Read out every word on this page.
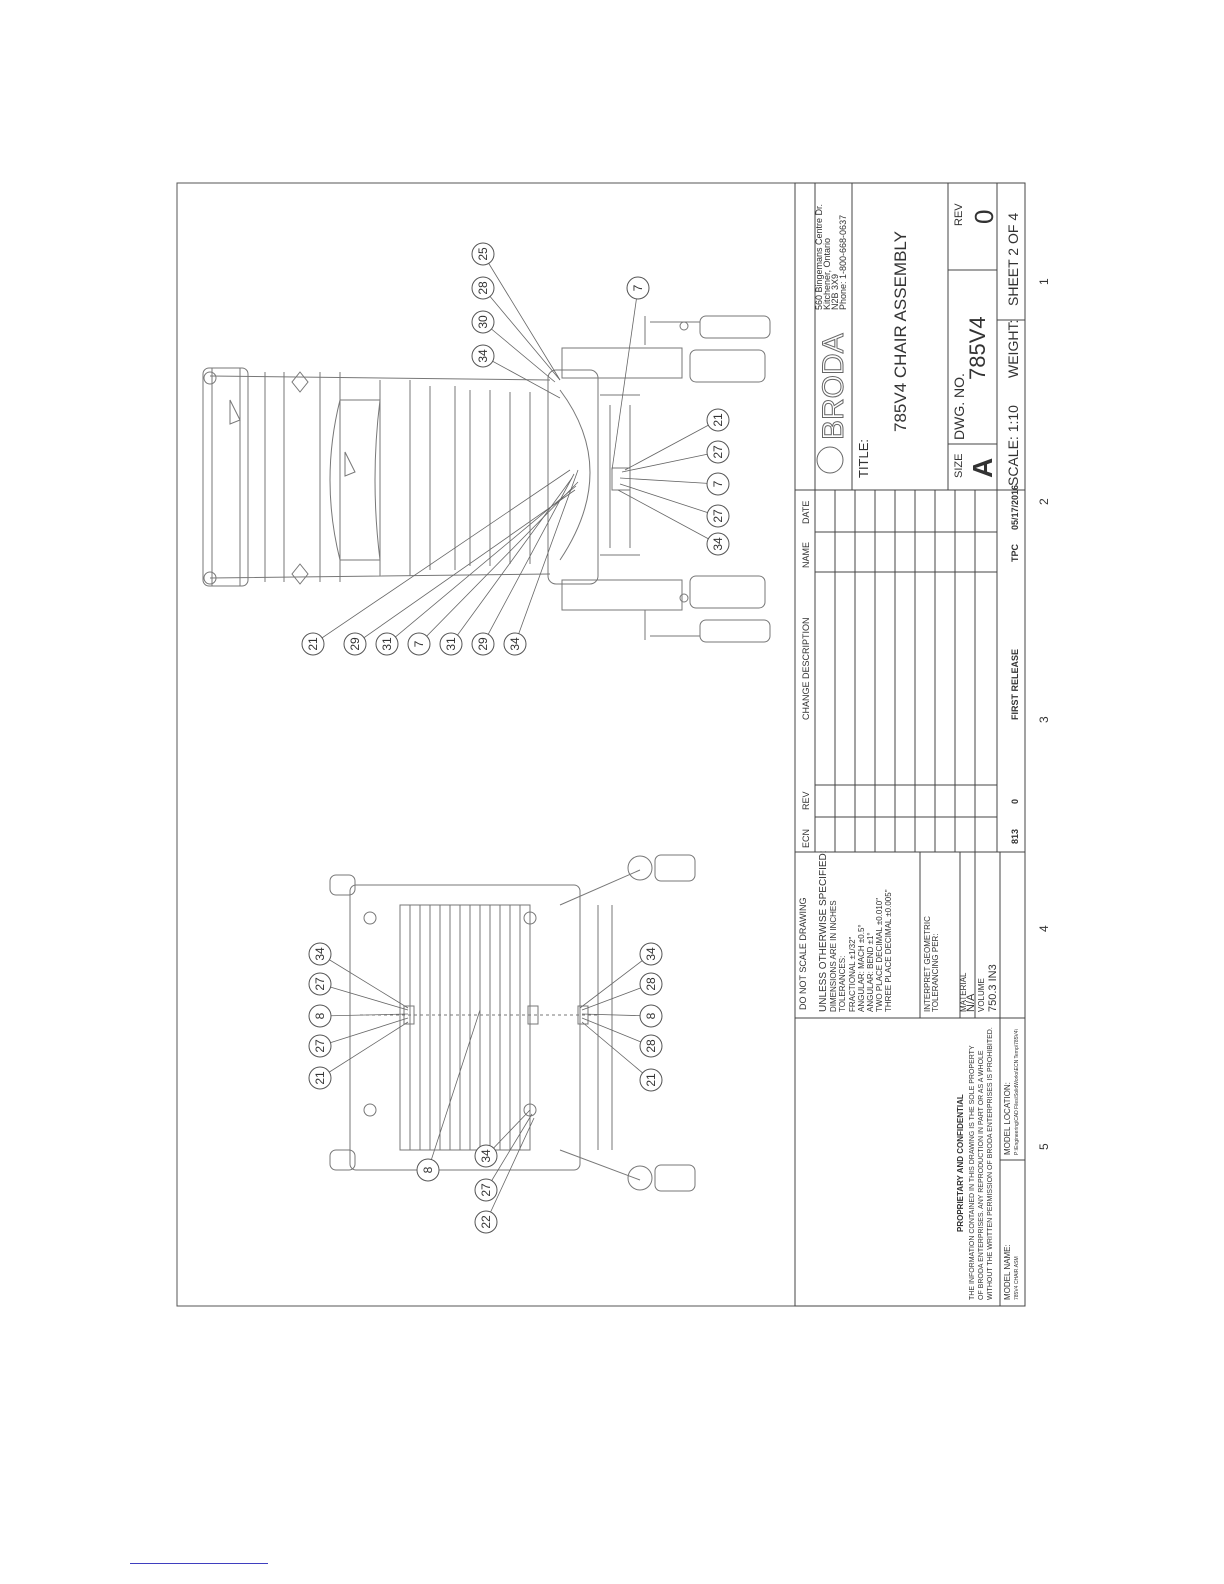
25
28
30
34
7
21
27
7
27
34
34
29
31
7
31
29
21
34
27
8
27
21
34
28
8
28
21
8
34
27
22
560 Bingemans Centre Dr.
Kitchener, Ontario
N2B 3X9
Phone: 1-800-668-0637
BRODA
TITLE:
785V4 CHAIR ASSEMBLY
SIZE A
DWG. NO.
785V4
REV 0
SCALE: 1:10
WEIGHT:
SHEET 2 OF 4
ECN
REV
CHANGE DESCRIPTION
NAME
DATE
813
0
FIRST RELEASE
TPC
05/17/2016
DO NOT SCALE DRAWING UNLESS OTHERWISE SPECIFIED: DIMENSIONS ARE IN INCHES TOLERANCES: FRACTIONAL ±1/32" ANGULAR: MACH ±0.5° ANGULAR: BEND ±1° TWO PLACE DECIMAL ±0.010" THREE PLACE DECIMAL ±0.005"	INTERPRET GEOMETRIC TOLERANCING PER: MATERIAL
N/A VOLUME 750.3 IN3
PROPRIETARY AND CONFIDENTIAL THE INFORMATION CONTAINED IN THIS DRAWING IS THE SOLE PROPERTY OF BRODA ENTERPRISES. ANY REPRODUCTION IN PART OR AS A WHOLE WITHOUT THE WRITTEN PERMISSION OF BRODA ENTERPRISES IS PROHIBITED. MODEL NAME: 785V4 CHAIR.ASM
MODEL LOCATION: P:\Engineering\CAD Files\SolidWorks\ECN Temp\785V4\
1
2
3
4
5
